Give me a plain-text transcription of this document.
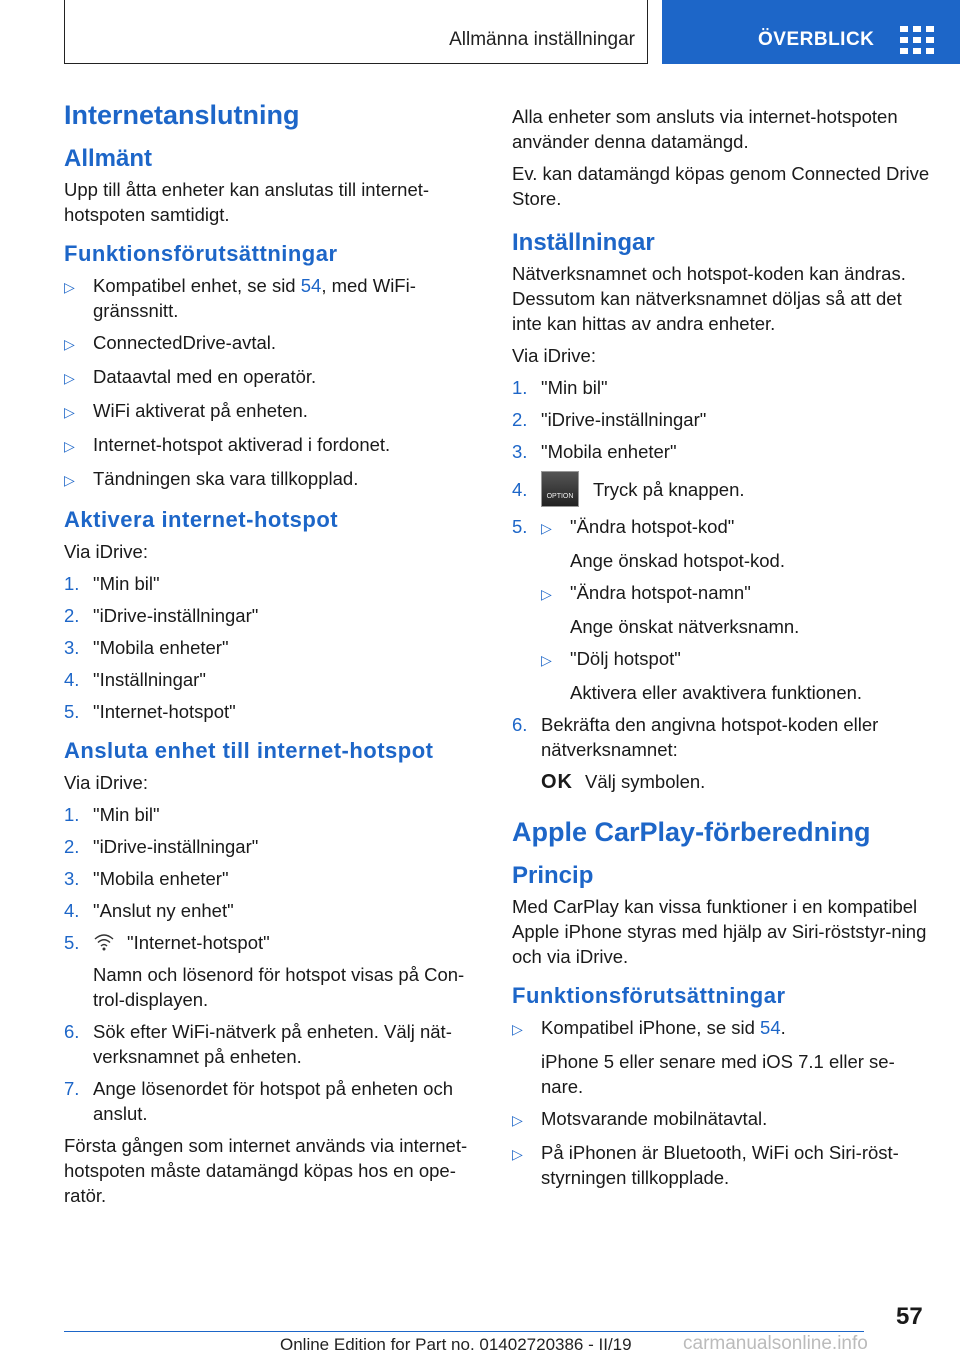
Allmänna inställningar	ÖVERBLICK
Internetanslutning
Allmänt

Upp till åtta enheter kan anslutas till internet-hotspoten samtidigt.

Funktionsförutsättningar
▷ Kompatibel enhet, se sid 54, med WiFi-gränssnitt.
▷ ConnectedDrive-avtal.
▷ Dataavtal med en operatör.
▷ WiFi aktiverat på enheten.
▷ Internet-hotspot aktiverad i fordonet.
▷ Tändningen ska vara tillkopplad.
Aktivera internet-hotspot

Via iDrive:

1. "Min bil"
2. "iDrive-inställningar"
3. "Mobila enheter"
4. "Inställningar"
5. "Internet-hotspot"
Ansluta enhet till internet-hotspot

Via iDrive:

1. "Min bil"
2. "iDrive-inställningar"
3. "Mobila enheter"
4. "Anslut ny enhet"
5.	"Internet-hotspot"

Namn och lösenord för hotspot visas på Con-trol-displayen.

6. Sök efter WiFi-nätverk på enheten. Välj nät-verksnamnet på enheten.
7. Ange lösenordet för hotspot på enheten och anslut.

Första gången som internet används via internet-hotspoten måste datamängd köpas hos en ope-ratör.

Alla enheter som ansluts via internet-hotspoten använder denna datamängd.

Ev. kan datamängd köpas genom Connected Drive Store.

Inställningar

Nätverksnamnet och hotspot-koden kan ändras. Dessutom kan nätverksnamnet döljas så att det inte kan hittas av andra enheter.

Via iDrive:

1. "Min bil"
2. "iDrive-inställningar"
3. "Mobila enheter"
4.	OPTION Tryck på knappen.
5. ▷ "Ändra hotspot-kod"

Ange önskad hotspot-kod.

▷ "Ändra hotspot-namn"

Ange önskat nätverksnamn.

▷ "Dölj hotspot"

Aktivera eller avaktivera funktionen.

6. Bekräfta den angivna hotspot-koden eller nätverksnamnet:

OK Välj symbolen.

Apple CarPlay-förberedning
Princip

Med CarPlay kan vissa funktioner i en kompatibel Apple iPhone styras med hjälp av Siri-röststyr-ning och via iDrive.

Funktionsförutsättningar
▷ Kompatibel iPhone, se sid 54.

iPhone 5 eller senare med iOS 7.1 eller se-nare.

▷ Motsvarande mobilnätavtal.
▷ På iPhonen är Bluetooth, WiFi och Siri-röst-styrningen tillkopplade.
57
Online Edition for Part no. 01402720386 - II/19	carmanualsonline.info
